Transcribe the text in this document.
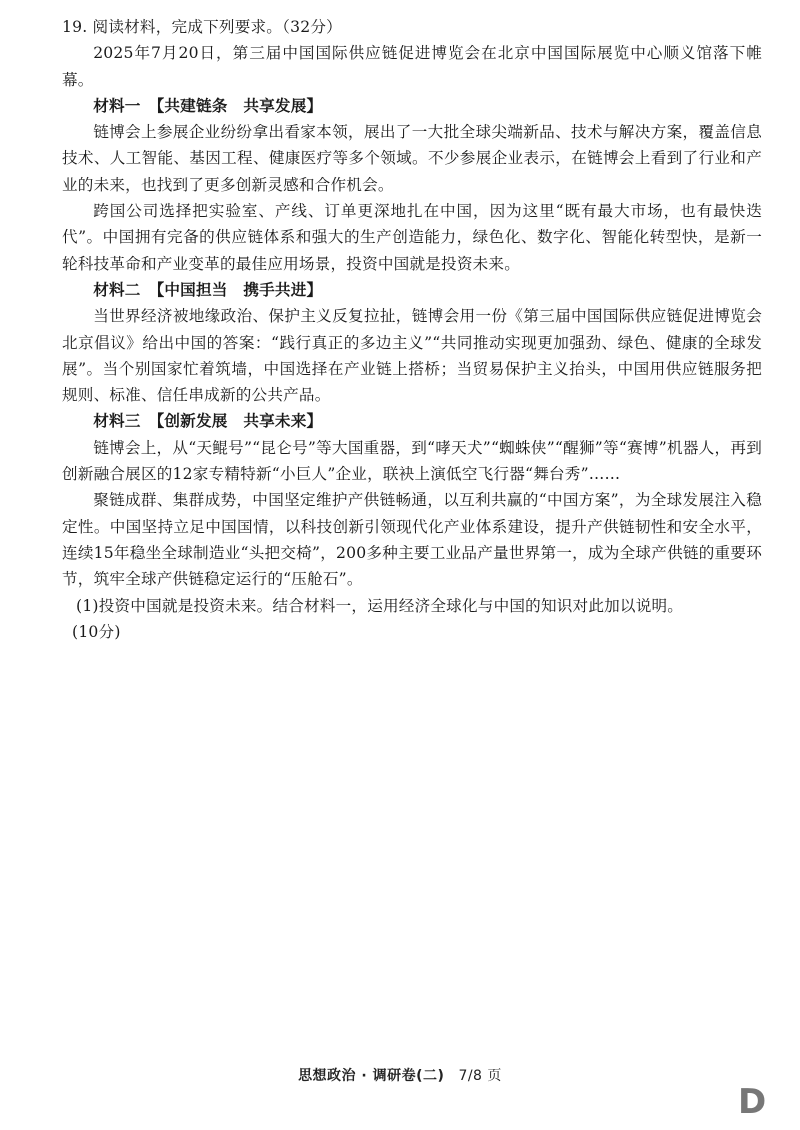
19. 阅读材料，完成下列要求。（32分）

2025年7月20日，第三届中国国际供应链促进博览会在北京中国国际展览中心顺义馆落下帷幕。

材料一　【共建链条　共享发展】

链博会上参展企业纷纷拿出看家本领，展出了一大批全球尖端新品、技术与解决方案，覆盖信息技术、人工智能、基因工程、健康医疗等多个领域。不少参展企业表示，在链博会上看到了行业和产业的未来，也找到了更多创新灵感和合作机会。

跨国公司选择把实验室、产线、订单更深地扎在中国，因为这里“既有最大市场，也有最快迭代”。中国拥有完备的供应链体系和强大的生产创造能力，绿色化、数字化、智能化转型快，是新一轮科技革命和产业变革的最佳应用场景，投资中国就是投资未来。

材料二　【中国担当　携手共进】

当世界经济被地缘政治、保护主义反复拉扯，链博会用一份《第三届中国国际供应链促进博览会北京倡议》给出中国的答案：“践行真正的多边主义”“共同推动实现更加强劲、绿色、健康的全球发展”。当个别国家忙着筑墙，中国选择在产业链上搭桥；当贸易保护主义抬头，中国用供应链服务把规则、标准、信任串成新的公共产品。

材料三　【创新发展　共享未来】

链博会上，从“天鲲号”“昆仑号”等大国重器，到“哮天犬”“蜘蛛侠”“醒狮”等“赛博”机器人，再到创新融合展区的12家专精特新“小巨人”企业，联袂上演低空飞行器“舞台秀”……

聚链成群、集群成势，中国坚定维护产供链畅通，以互利共赢的“中国方案”，为全球发展注入稳定性。中国坚持立足中国国情，以科技创新引领现代化产业体系建设，提升产供链韧性和安全水平，连续15年稳坐全球制造业“头把交椅”，200多种主要工业品产量世界第一，成为全球产供链的重要环节，筑牢全球产供链稳定运行的“压舱石”。

(1)投资中国就是投资未来。结合材料一，运用经济全球化与中国的知识对此加以说明。
(10分)

思想政治 · 调研卷(二) 7/8 页
D
